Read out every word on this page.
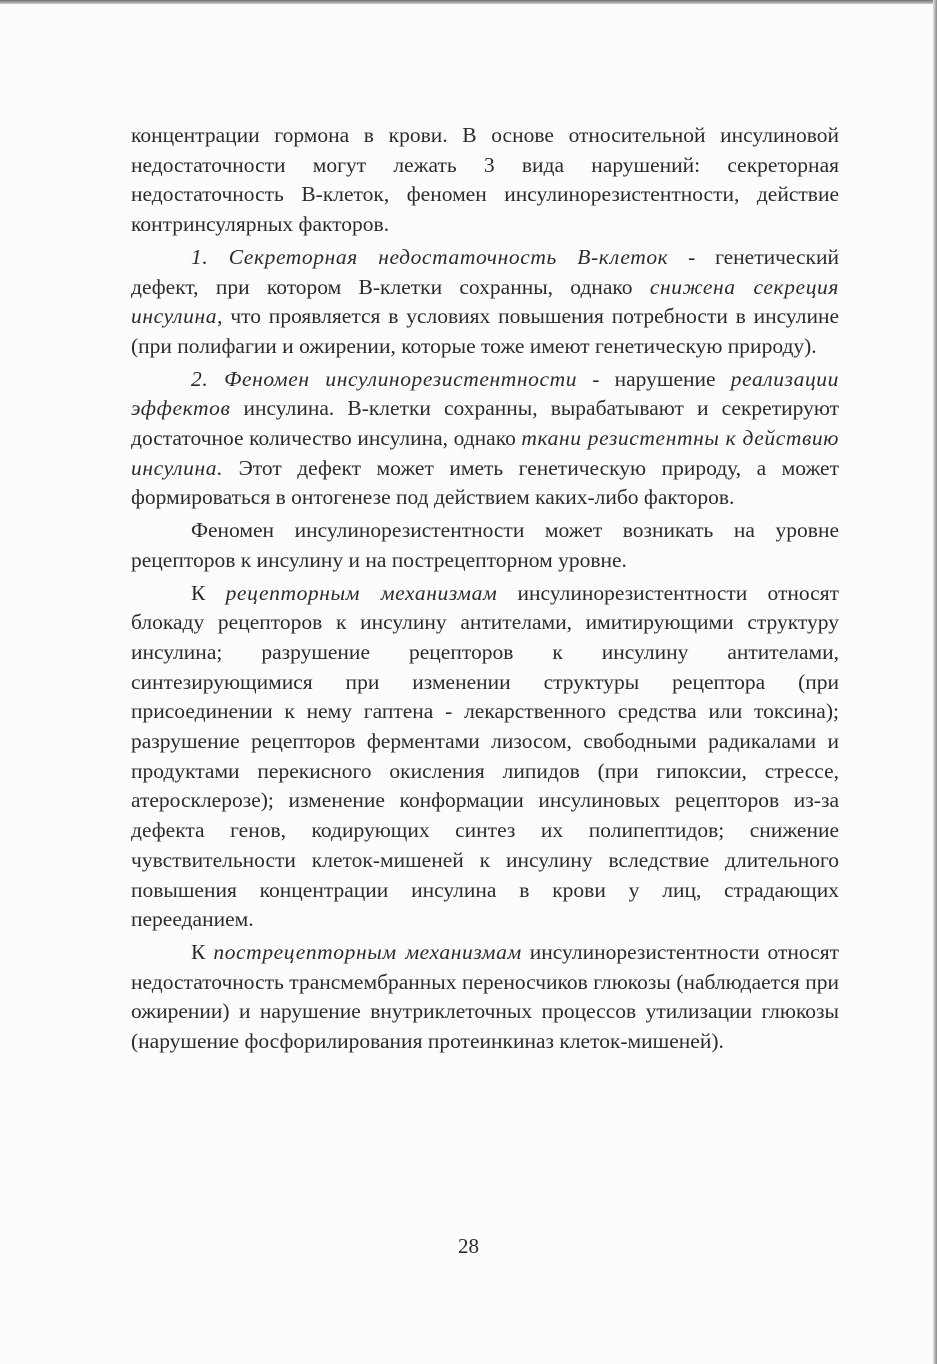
концентрации гормона в крови. В основе относительной инсулиновой недостаточности могут лежать 3 вида нарушений: секреторная недостаточность В-клеток, феномен инсулинорезистентности, действие контринсулярных факторов.

1. Секреторная недостаточность В-клеток - генетический дефект, при котором В-клетки сохранны, однако снижена секреция инсулина, что проявляется в условиях повышения потребности в инсулине (при полифагии и ожирении, которые тоже имеют генетическую природу).

2. Феномен инсулинорезистентности - нарушение реализации эффектов инсулина. В-клетки сохранны, вырабатывают и секретируют достаточное количество инсулина, однако ткани резистентны к действию инсулина. Этот дефект может иметь генетическую природу, а может формироваться в онтогенезе под действием каких-либо факторов.

Феномен инсулинорезистентности может возникать на уровне рецепторов к инсулину и на пострецепторном уровне.

К рецепторным механизмам инсулинорезистентности относят блокаду рецепторов к инсулину антителами, имитирующими структуру инсулина; разрушение рецепторов к инсулину антителами, синтезирующимися при изменении структуры рецептора (при присоединении к нему гаптена - лекарственного средства или токсина); разрушение рецепторов ферментами лизосом, свободными радикалами и продуктами перекисного окисления липидов (при гипоксии, стрессе, атеросклерозе); изменение конформации инсулиновых рецепторов из-за дефекта генов, кодирующих синтез их полипептидов; снижение чувствительности клеток-мишеней к инсулину вследствие длительного повышения концентрации инсулина в крови у лиц, страдающих перееданием.

К пострецепторным механизмам инсулинорезистентности относят недостаточность трансмембранных переносчиков глюкозы (наблюдается при ожирении) и нарушение внутриклеточных процессов утилизации глюкозы (нарушение фосфорилирования протеинкиназ клеток-мишеней).

28
